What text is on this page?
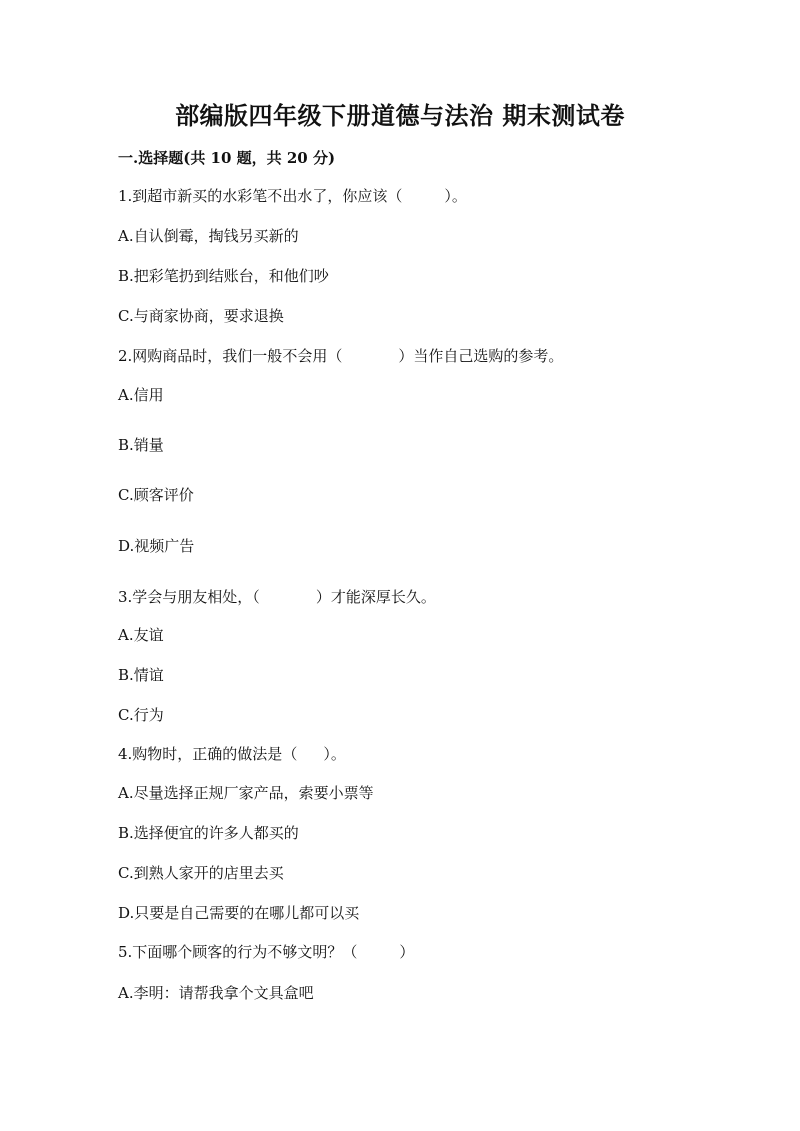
部编版四年级下册道德与法治 期末测试卷
一.选择题(共 10 题，共 20 分)
1.到超市新买的水彩笔不出水了，你应该（	）。
A.自认倒霉，掏钱另买新的
B.把彩笔扔到结账台，和他们吵
C.与商家协商，要求退换
2.网购商品时，我们一般不会用（	）当作自己选购的参考。
A.信用
B.销量
C.顾客评价
D.视频广告
3.学会与朋友相处，（	）才能深厚长久。
A.友谊
B.情谊
C.行为
4.购物时，正确的做法是（ ）。
A.尽量选择正规厂家产品，索要小票等
B.选择便宜的许多人都买的
C.到熟人家开的店里去买
D.只要是自己需要的在哪儿都可以买
5.下面哪个顾客的行为不够文明？（	）
A.李明：请帮我拿个文具盒吧
